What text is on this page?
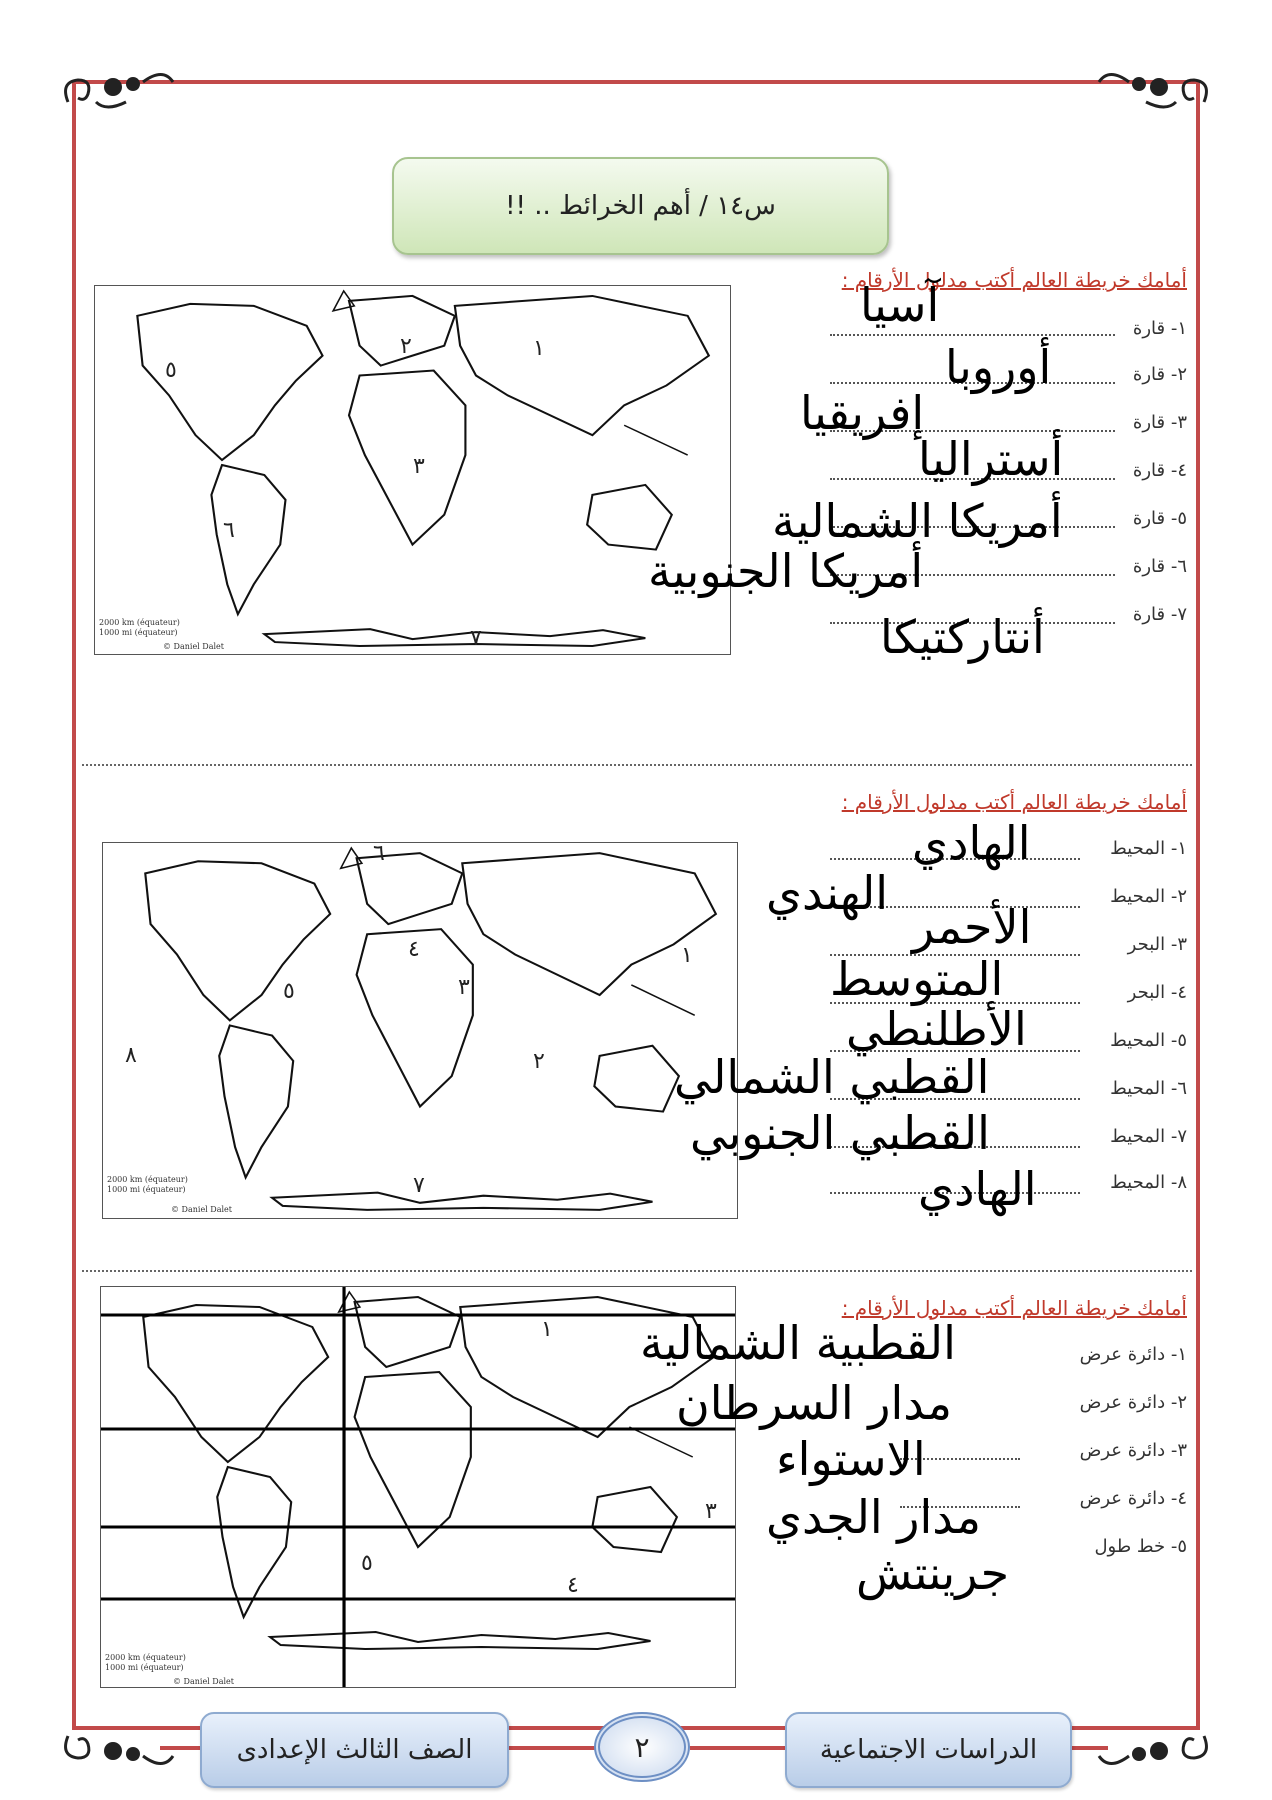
س١٤ / أهم الخرائط .. !!
أمامك خريطة العالم أكتب مدلول الأرقام :
١
٢
٣
٥
٦
٧
2000 km (équateur)
1000 mi (équateur)
© Daniel Dalet
١- قارة
آسيا
٢- قارة
أوروبا
٣- قارة
إفريقيا
٤- قارة
أستراليا
٥- قارة
أمريكا الشمالية
٦- قارة
أمريكا الجنوبية
٧- قارة
أنتاركتيكا
أمامك خريطة العالم أكتب مدلول الأرقام :
٦
٤
٣
١
٥
٨	٢
٧
2000 km (équateur)
1000 mi (équateur)
© Daniel Dalet
١- المحيط
الهادي
٢- المحيط
الهندي
٣- البحر
الأحمر
٤- البحر
المتوسط
٥- المحيط
الأطلنطي
٦- المحيط
القطبي الشمالي
٧- المحيط
القطبي الجنوبي
٨- المحيط
الهادي
أمامك خريطة العالم أكتب مدلول الأرقام :
١
٣
٥
٤
2000 km (équateur)
1000 mi (équateur)
© Daniel Dalet
١- دائرة عرض
القطبية الشمالية
٢- دائرة عرض
مدار السرطان
٣- دائرة عرض
الاستواء
٤- دائرة عرض
مدار الجدي
٥- خط طول
جرينتش
الصف الثالث الإعدادى	٢	الدراسات الاجتماعية
